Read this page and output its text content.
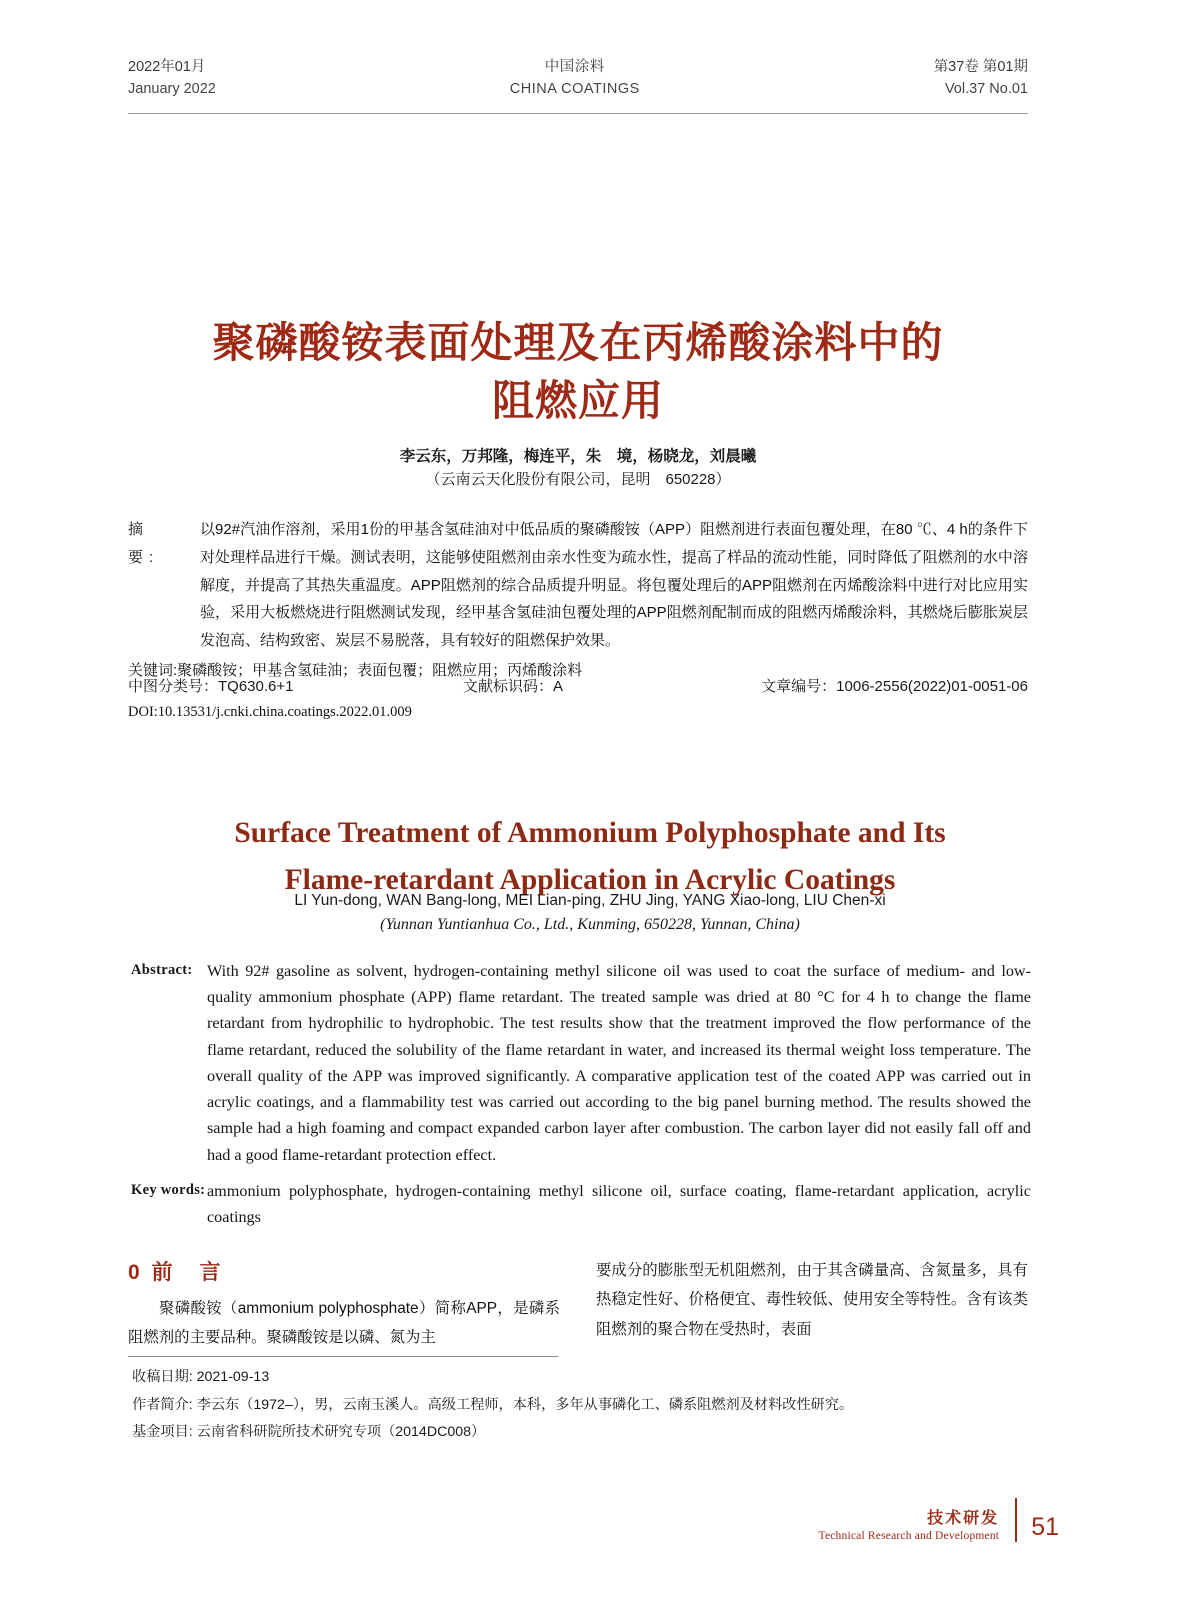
2022年01月
January 2022
中国涂料
CHINA COATINGS
第37卷 第01期
Vol.37 No.01
聚磷酸铵表面处理及在丙烯酸涂料中的
阻燃应用
李云东，万邦隆，梅连平，朱　境，杨晓龙，刘晨曦
（云南云天化股份有限公司，昆明　650228）
摘　要:
以92#汽油作溶剂，采用1份的甲基含氢硅油对中低品质的聚磷酸铵（APP）阻燃剂进行表面包覆处理，在80 ℃、4 h的条件下对处理样品进行干燥。测试表明，这能够使阻燃剂由亲水性变为疏水性，提高了样品的流动性能，同时降低了阻燃剂的水中溶解度，并提高了其热失重温度。APP阻燃剂的综合品质提升明显。将包覆处理后的APP阻燃剂在丙烯酸涂料中进行对比应用实验，采用大板燃烧进行阻燃测试发现，经甲基含氢硅油包覆处理的APP阻燃剂配制而成的阻燃丙烯酸涂料，其燃烧后膨胀炭层发泡高、结构致密、炭层不易脱落，具有较好的阻燃保护效果。
关键词:聚磷酸铵；甲基含氢硅油；表面包覆；阻燃应用；丙烯酸涂料
中图分类号：TQ630.6+1	文献标识码：A	文章编号：1006-2556(2022)01-0051-06
DOI:10.13531/j.cnki.china.coatings.2022.01.009
Surface Treatment of Ammonium Polyphosphate and Its
Flame-retardant Application in Acrylic Coatings
LI Yun-dong, WAN Bang-long, MEI Lian-ping, ZHU Jing, YANG Xiao-long, LIU Chen-xi
(Yunnan Yuntianhua Co., Ltd., Kunming, 650228, Yunnan, China)
Abstract: With 92# gasoline as solvent, hydrogen-containing methyl silicone oil was used to coat the surface of medium- and low-quality ammonium phosphate (APP) flame retardant. The treated sample was dried at 80 °C for 4 h to change the flame retardant from hydrophilic to hydrophobic. The test results show that the treatment improved the flow performance of the flame retardant, reduced the solubility of the flame retardant in water, and increased its thermal weight loss temperature. The overall quality of the APP was improved significantly. A comparative application test of the coated APP was carried out in acrylic coatings, and a flammability test was carried out according to the big panel burning method. The results showed the sample had a high foaming and compact expanded carbon layer after combustion. The carbon layer did not easily fall off and had a good flame-retardant protection effect.
Key words: ammonium polyphosphate, hydrogen-containing methyl silicone oil, surface coating, flame-retardant application, acrylic coatings
0 前　言

聚磷酸铵（ammonium polyphosphate）简称APP，是磷系阻燃剂的主要品种。聚磷酸铵是以磷、氮为主

要成分的膨胀型无机阻燃剂，由于其含磷量高、含氮量多，具有热稳定性好、价格便宜、毒性较低、使用安全等特性。含有该类阻燃剂的聚合物在受热时，表面

收稿日期: 2021-09-13
作者简介: 李云东（1972–），男，云南玉溪人。高级工程师，本科，多年从事磷化工、磷系阻燃剂及材料改性研究。
基金项目: 云南省科研院所技术研究专项（2014DC008）
技术研发
Technical Research and Development 51
